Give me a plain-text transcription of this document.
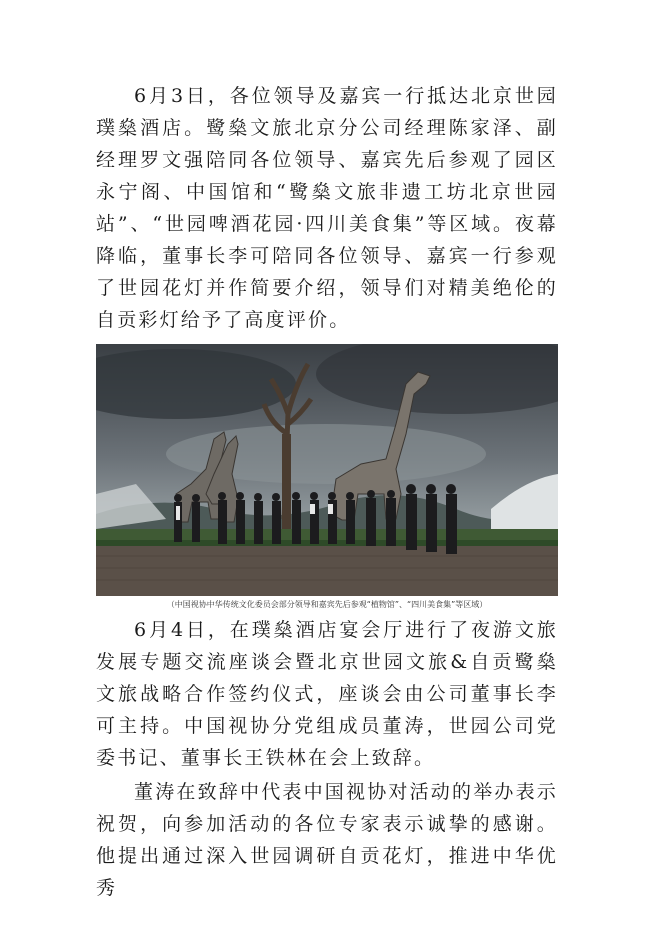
6月3日，各位领导及嘉宾一行抵达北京世园璞燊酒店。鹭燊文旅北京分公司经理陈家泽、副经理罗文强陪同各位领导、嘉宾先后参观了园区永宁阁、中国馆和“鹭燊文旅非遗工坊北京世园站”、“世园啤酒花园·四川美食集”等区域。夜幕降临，董事长李可陪同各位领导、嘉宾一行参观了世园花灯并作简要介绍，领导们对精美绝伦的自贡彩灯给予了高度评价。

（中国视协中华传统文化委员会部分领导和嘉宾先后参观“植物馆”、“四川美食集”等区域）

6月4日，在璞燊酒店宴会厅进行了夜游文旅发展专题交流座谈会暨北京世园文旅&自贡鹭燊文旅战略合作签约仪式，座谈会由公司董事长李可主持。中国视协分党组成员董涛，世园公司党委书记、董事长王铁林在会上致辞。

董涛在致辞中代表中国视协对活动的举办表示祝贺，向参加活动的各位专家表示诚挚的感谢。他提出通过深入世园调研自贡花灯，推进中华优秀
